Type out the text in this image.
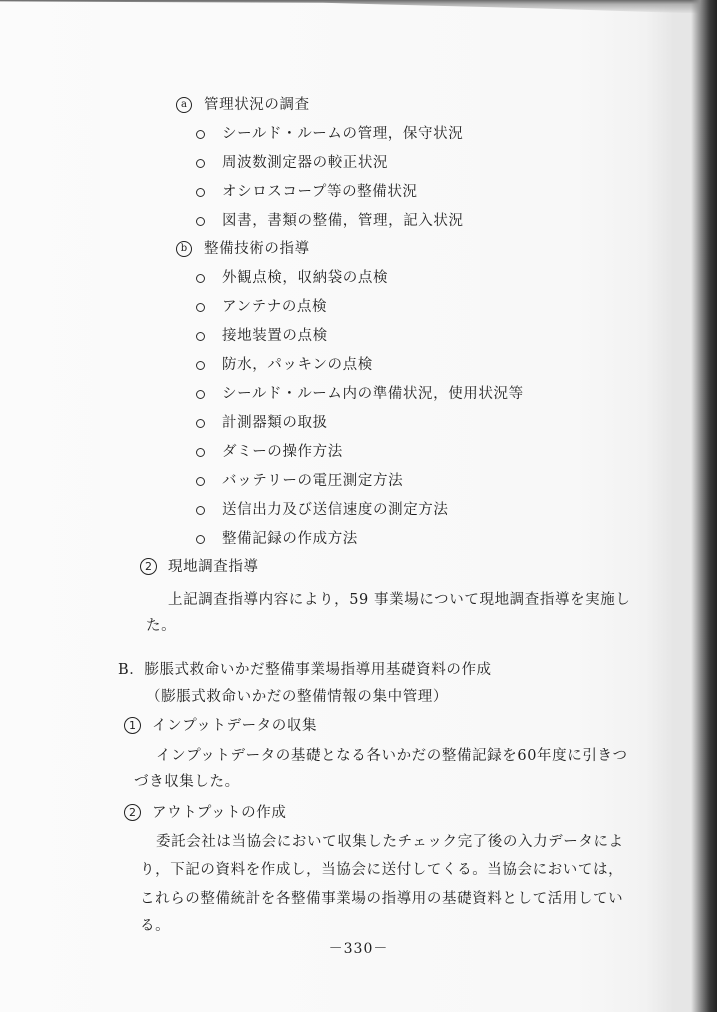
a	管理状況の調査
シールド・ルームの管理，保守状況
周波数測定器の較正状況
オシロスコープ等の整備状況
図書，書類の整備，管理，記入状況
b	整備技術の指導
外観点検，収納袋の点検
アンテナの点検
接地装置の点検
防水，パッキンの点検
シールド・ルーム内の準備状況，使用状況等
計測器類の取扱
ダミーの操作方法
バッテリーの電圧測定方法
送信出力及び送信速度の測定方法
整備記録の作成方法
2	現地調査指導
上記調査指導内容により，59 事業場について現地調査指導を実施し
た。
B．膨脹式救命いかだ整備事業場指導用基礎資料の作成
（膨脹式救命いかだの整備情報の集中管理）
1	インプットデータの収集
インプットデータの基礎となる各いかだの整備記録を60年度に引きつ
づき収集した。
2	アウトプットの作成
委託会社は当協会において収集したチェック完了後の入力データによ
り，下記の資料を作成し，当協会に送付してくる。当協会においては，
これらの整備統計を各整備事業場の指導用の基礎資料として活用してい
る。
－330－
